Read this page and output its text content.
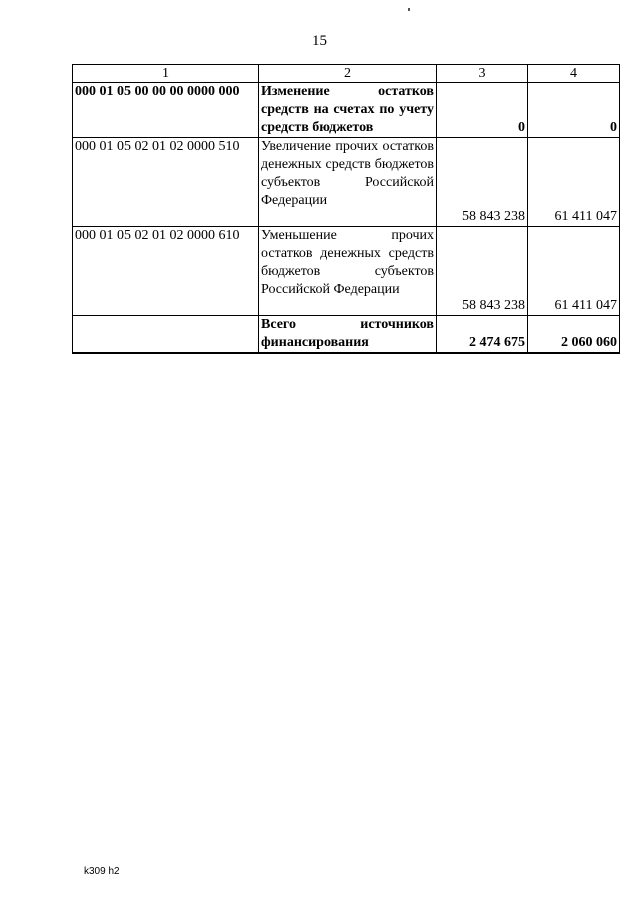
15
1	2	3	4
000 01 05 00 00 00 0000 000	Изменение остатков средств на счетах по учету средств бюджетов	0	0
000 01 05 02 01 02 0000 510	Увеличение прочих остатков денежных средств бюджетов субъектов Российской Федерации	58 843 238	61 411 047
000 01 05 02 01 02 0000 610	Уменьшение прочих остатков денежных средств бюджетов субъектов Российской Федерации	58 843 238	61 411 047
	Всего источников финансирования	2 474 675	2 060 060
k309 h2
